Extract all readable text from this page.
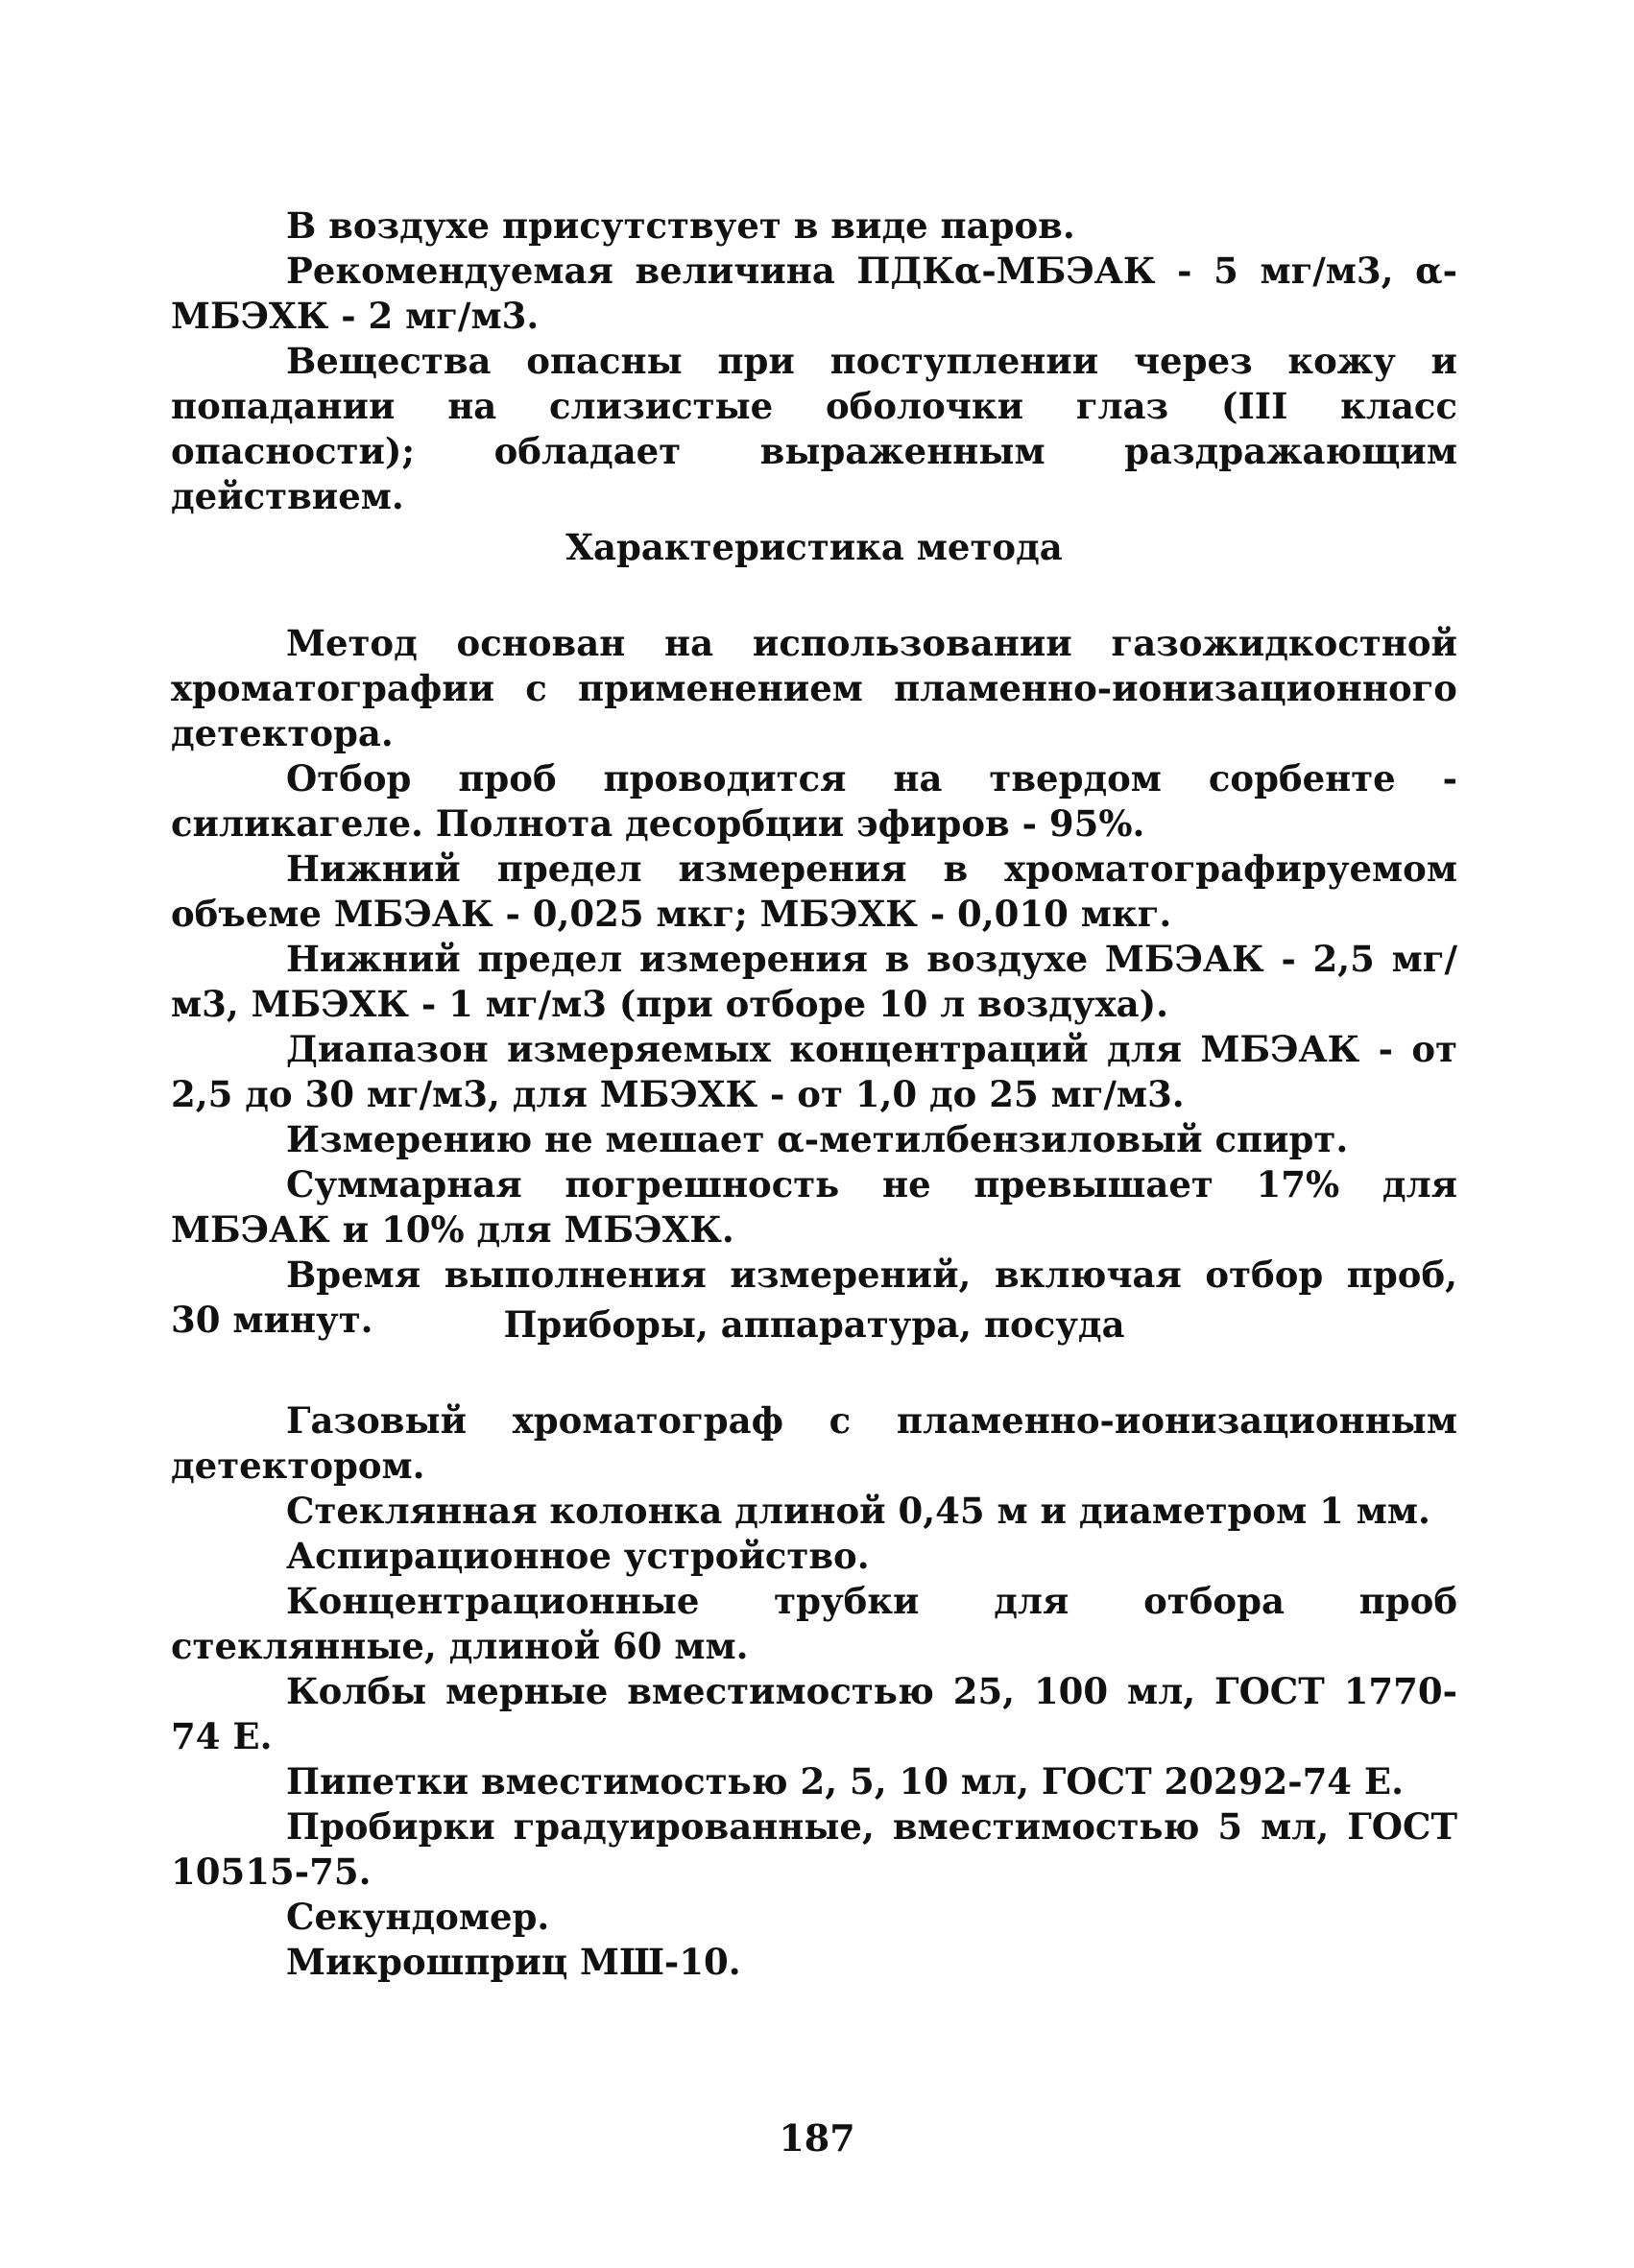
В воздухе присутствует в виде паров.

Рекомендуемая величина ПДКα-МБЭАК - 5 мг/м3, α-МБЭХК - 2 мг/м3.

Вещества опасны при поступлении через кожу и попадании на слизистые оболочки глаз (III класс опасности); обладает выраженным раздражающим действием.

Характеристика метода

Метод основан на использовании газожидкостной хроматографии с применением пламенно-ионизационного детектора.

Отбор проб проводится на твердом сорбенте - силикагеле. Полнота десорбции эфиров - 95%.

Нижний предел измерения в хроматографируемом объеме МБЭАК - 0,025 мкг; МБЭХК - 0,010 мкг.

Нижний предел измерения в воздухе МБЭАК - 2,5 мг/м3, МБЭХК - 1 мг/м3 (при отборе 10 л воздуха).

Диапазон измеряемых концентраций для МБЭАК - от 2,5 до 30 мг/м3, для МБЭХК - от 1,0 до 25 мг/м3.

Измерению не мешает α-метилбензиловый спирт.

Суммарная погрешность не превышает 17% для МБЭАК и 10% для МБЭХК.

Время выполнения измерений, включая отбор проб, 30 минут.	Приборы, аппаратура, посуда

Газовый хроматограф с пламенно-ионизационным детектором.

Стеклянная колонка длиной 0,45 м и диаметром 1 мм.

Аспирационное устройство.

Концентрационные трубки для отбора проб стеклянные, длиной 60 мм.

Колбы мерные вместимостью 25, 100 мл, ГОСТ 1770-74 Е.

Пипетки вместимостью 2, 5, 10 мл, ГОСТ 20292-74 Е.

Пробирки градуированные, вместимостью 5 мл, ГОСТ 10515-75.

Секундомер.

Микрошприц МШ-10.

187
